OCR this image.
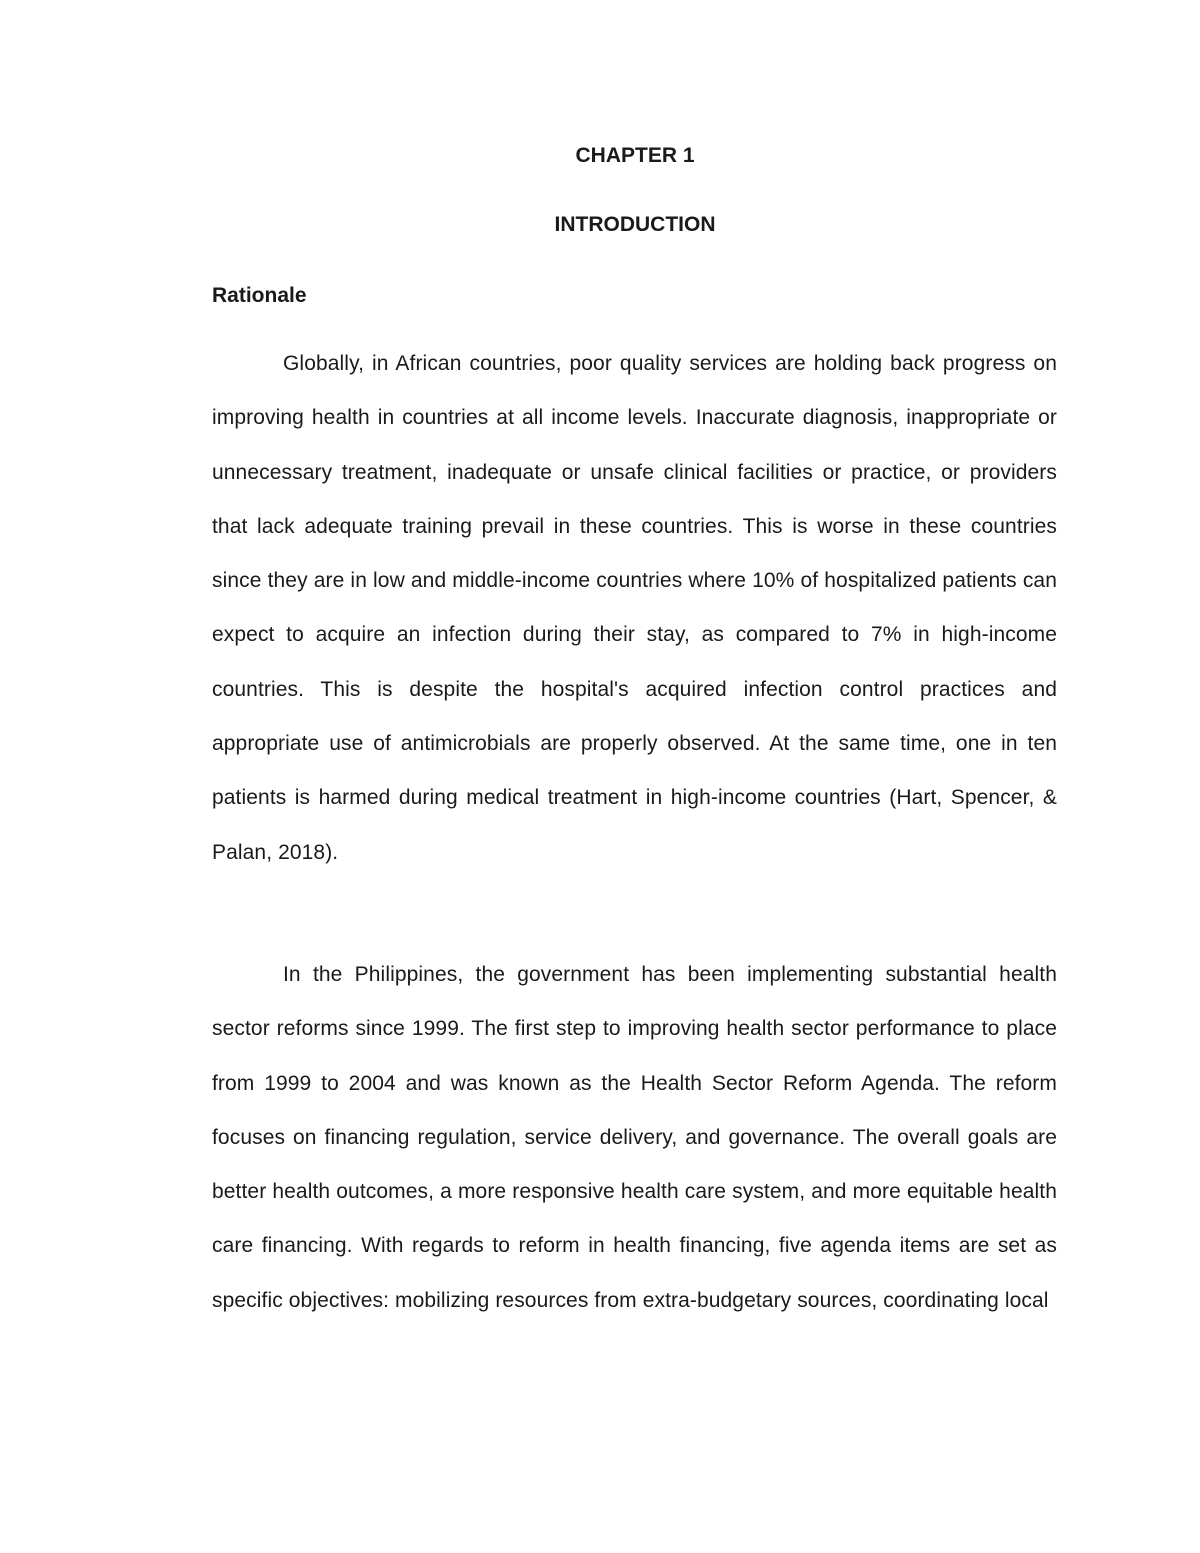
CHAPTER 1
INTRODUCTION
Rationale

Globally, in African countries, poor quality services are holding back progress on improving health in countries at all income levels. Inaccurate diagnosis, inappropriate or unnecessary treatment, inadequate or unsafe clinical facilities or practice, or providers that lack adequate training prevail in these countries. This is worse in these countries since they are in low and middle-income countries where 10% of hospitalized patients can expect to acquire an infection during their stay, as compared to 7% in high-income countries. This is despite the hospital's acquired infection control practices and appropriate use of antimicrobials are properly observed. At the same time, one in ten patients is harmed during medical treatment in high-income countries (Hart, Spencer, & Palan, 2018).

In the Philippines, the government has been implementing substantial health sector reforms since 1999. The first step to improving health sector performance to place from 1999 to 2004 and was known as the Health Sector Reform Agenda. The reform focuses on financing regulation, service delivery, and governance. The overall goals are better health outcomes, a more responsive health care system, and more equitable health care financing. With regards to reform in health financing, five agenda items are set as specific objectives: mobilizing resources from extra-budgetary sources, coordinating local
